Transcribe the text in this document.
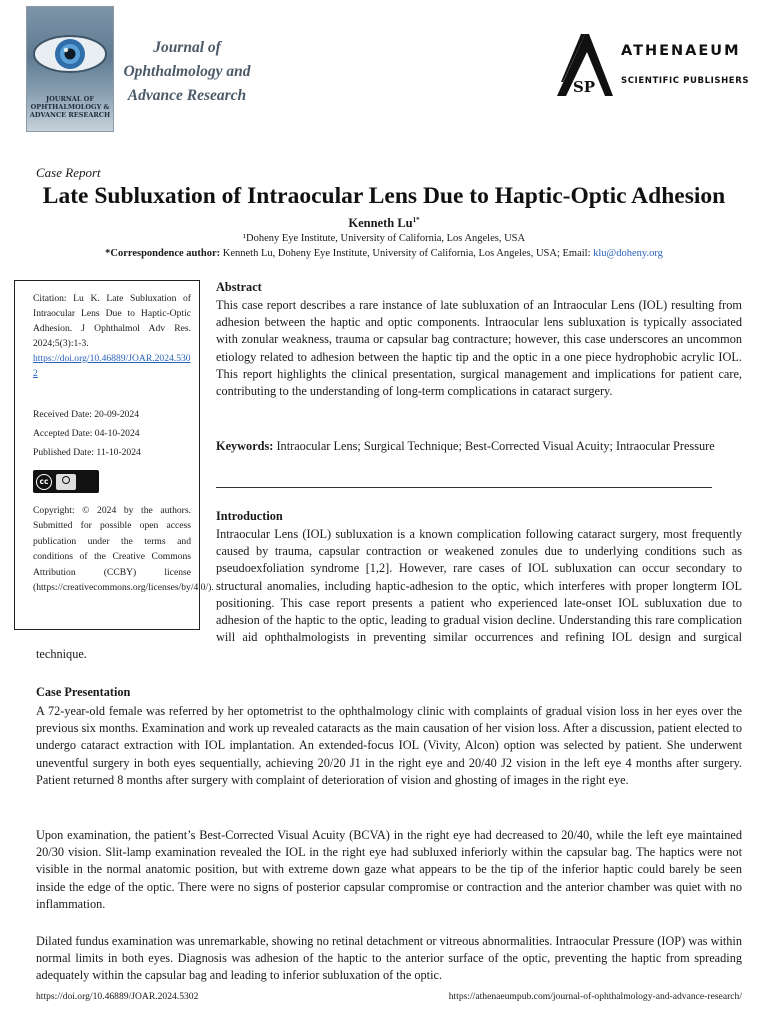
JOURNAL OF OPHTHALMOLOGY & ADVANCE RESEARCH
Journal of Ophthalmology and Advance Research	SP
ATHENAEUM
SCIENTIFIC PUBLISHERS
Case Report
Late Subluxation of Intraocular Lens Due to Haptic-Optic Adhesion
Kenneth $Lu^{1*}$
¹Doheny Eye Institute, University of California, Los Angeles, USA
*Correspondence author: Kenneth Lu, Doheny Eye Institute, University of California, Los Angeles, USA; Email: klu@doheny.org

Citation: Lu K. Late Subluxation of Intraocular Lens Due to Haptic-Optic Adhesion. J Ophthalmol Adv Res. 2024;5(3):1-3.

https://doi.org/10.46889/JOAR.2024.5302

Received Date: 20-09-2024
Accepted Date: 04-10-2024
Published Date: 11-10-2024
cc

Copyright: © 2024 by the authors. Submitted for possible open access publication under the terms and conditions of the Creative Commons Attribution (CCBY) license (https://creativecommons.org/licenses/by/4.0/).

Abstract

This case report describes a rare instance of late subluxation of an Intraocular Lens (IOL) resulting from adhesion between the haptic and optic components. Intraocular lens subluxation is typically associated with zonular weakness, trauma or capsular bag contracture; however, this case underscores an uncommon etiology related to adhesion between the haptic tip and the optic in a one piece hydrophobic acrylic IOL. This report highlights the clinical presentation, surgical management and implications for patient care, contributing to the understanding of long-term complications in cataract surgery.

Keywords: Intraocular Lens; Surgical Technique; Best-Corrected Visual Acuity; Intraocular Pressure

Introduction

Intraocular Lens (IOL) subluxation is a known complication following cataract surgery, most frequently caused by trauma, capsular contraction or weakened zonules due to underlying conditions such as pseudoexfoliation syndrome [1,2]. However, rare cases of IOL subluxation can occur secondary to structural anomalies, including haptic-adhesion to the optic, which interferes with proper longterm IOL positioning. This case report presents a patient who experienced late-onset IOL subluxation due to adhesion of the haptic to the optic, leading to gradual vision decline. Understanding this rare complication will aid ophthalmologists in preventing similar occurrences and refining IOL design and surgical technique.

Case Presentation

A 72-year-old female was referred by her optometrist to the ophthalmology clinic with complaints of gradual vision loss in her eyes over the previous six months. Examination and work up revealed cataracts as the main causation of her vision loss. After a discussion, patient elected to undergo cataract extraction with IOL implantation. An extended-focus IOL (Vivity, Alcon) option was selected by patient. She underwent uneventful surgery in both eyes sequentially, achieving 20/20 J1 in the right eye and 20/40 J2 vision in the left eye 4 months after surgery. Patient returned 8 months after surgery with complaint of deterioration of vision and ghosting of images in the right eye.

Upon examination, the patient’s Best-Corrected Visual Acuity (BCVA) in the right eye had decreased to 20/40, while the left eye maintained 20/30 vision. Slit-lamp examination revealed the IOL in the right eye had subluxed inferiorly within the capsular bag. The haptics were not visible in the normal anatomic position, but with extreme down gaze what appears to be the tip of the inferior haptic could barely be seen inside the edge of the optic. There were no signs of posterior capsular compromise or contraction and the anterior chamber was quiet with no inflammation.

Dilated fundus examination was unremarkable, showing no retinal detachment or vitreous abnormalities. Intraocular Pressure (IOP) was within normal limits in both eyes. Diagnosis was adhesion of the haptic to the anterior surface of the optic, preventing the haptic from spreading adequately within the capsular bag and leading to inferior subluxation of the optic.

https://doi.org/10.46889/JOAR.2024.5302	https://athenaeumpub.com/journal-of-ophthalmology-and-advance-research/
